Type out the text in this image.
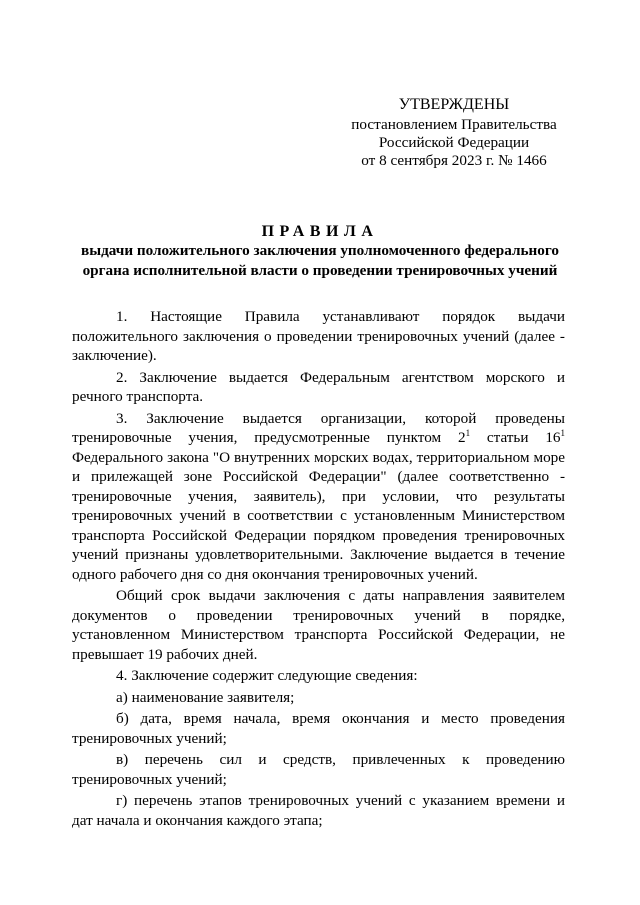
УТВЕРЖДЕНЫ
постановлением Правительства
Российской Федерации
от 8 сентября 2023 г. № 1466
ПРАВИЛА
выдачи положительного заключения уполномоченного федерального органа исполнительной власти о проведении тренировочных учений

1. Настоящие Правила устанавливают порядок выдачи положительного заключения о проведении тренировочных учений (далее - заключение).

2. Заключение выдается Федеральным агентством морского и речного транспорта.

3. Заключение выдается организации, которой проведены тренировочные учения, предусмотренные пунктом $2^1$ статьи $16^1$ Федерального закона "О внутренних морских водах, территориальном море и прилежащей зоне Российской Федерации" (далее соответственно - тренировочные учения, заявитель), при условии, что результаты тренировочных учений в соответствии с установленным Министерством транспорта Российской Федерации порядком проведения тренировочных учений признаны удовлетворительными. Заключение выдается в течение одного рабочего дня со дня окончания тренировочных учений.

Общий срок выдачи заключения с даты направления заявителем документов о проведении тренировочных учений в порядке, установленном Министерством транспорта Российской Федерации, не превышает 19 рабочих дней.

4. Заключение содержит следующие сведения:

а) наименование заявителя;

б) дата, время начала, время окончания и место проведения тренировочных учений;

в) перечень сил и средств, привлеченных к проведению тренировочных учений;

г) перечень этапов тренировочных учений с указанием времени и дат начала и окончания каждого этапа;
